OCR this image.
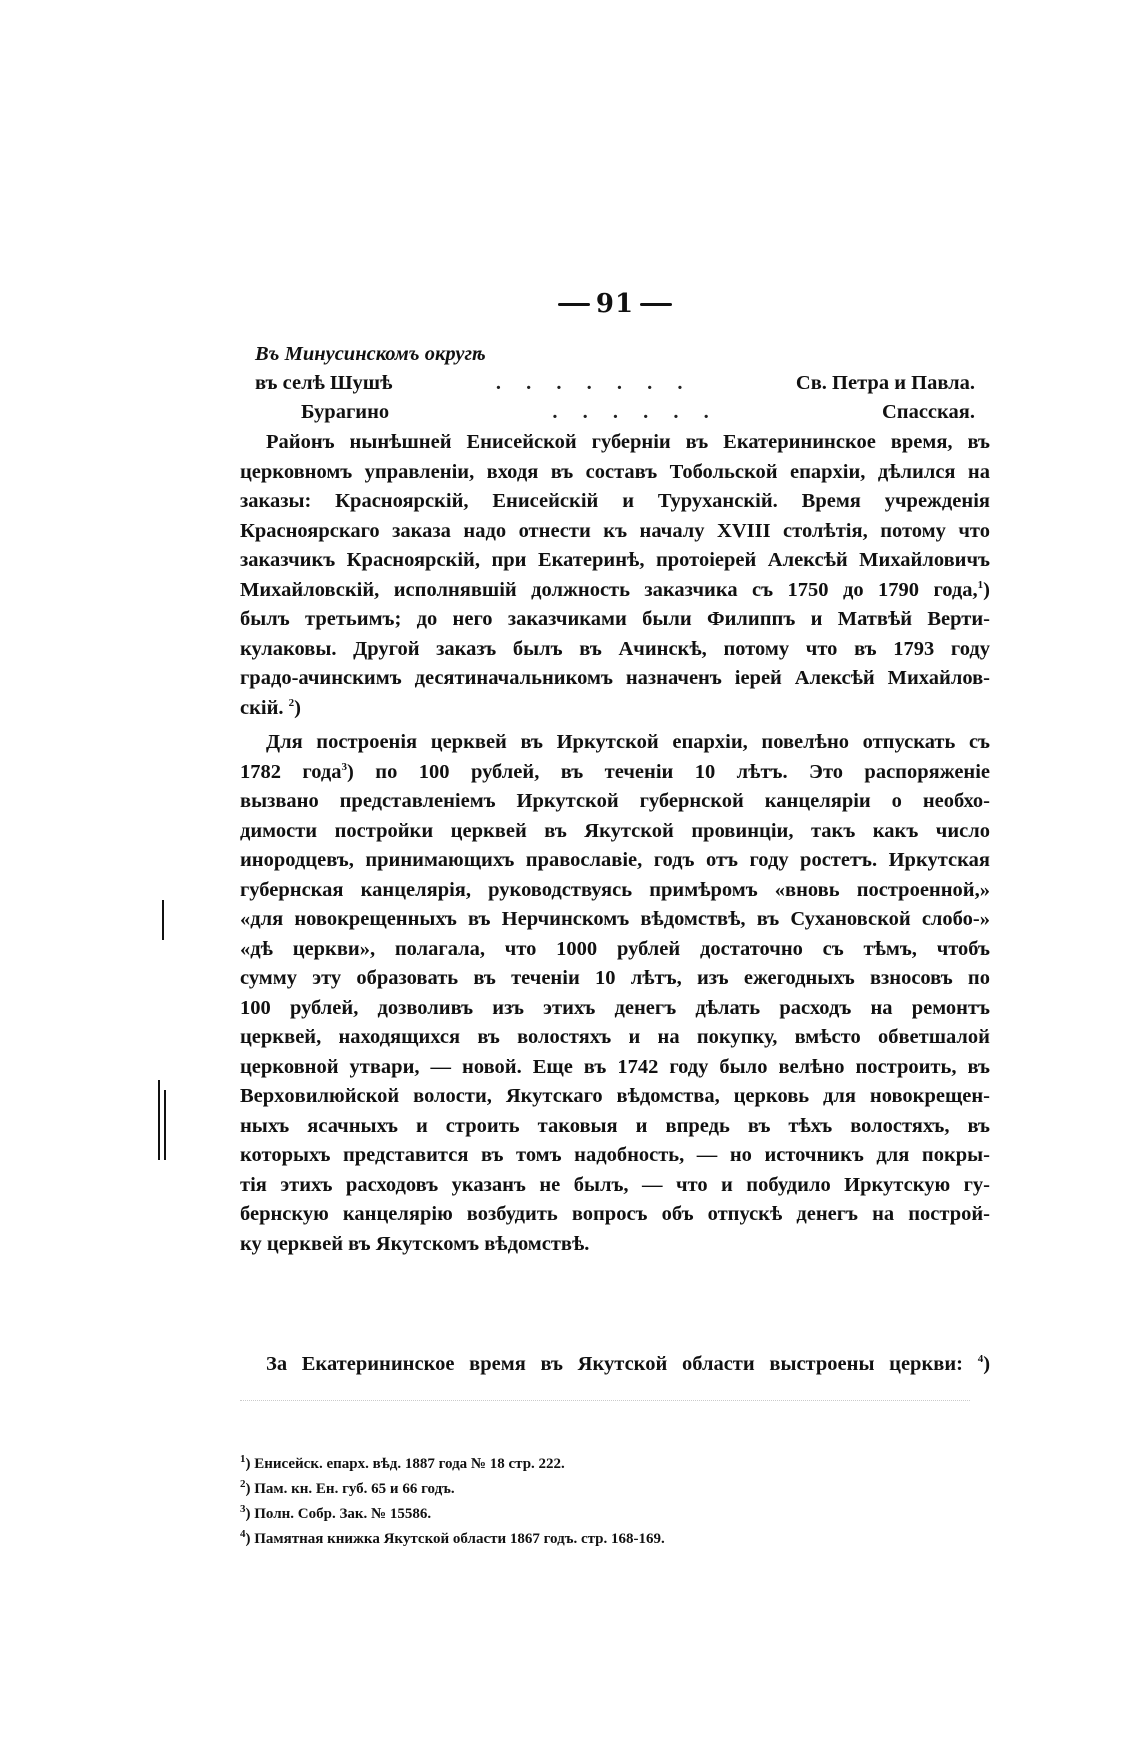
91
Въ Минусинскомъ округѣ
въ селѣ Шушѣ	. . . . . . .	Св. Петра и Павла.
Бурагино	. . . . . .	Спасская.
Районъ нынѣшней Енисейской губерніи въ Екатерининское время, въ
церковномъ управленіи, входя въ составъ Тобольской епархіи, дѣлился на
заказы: Красноярскій, Енисейскій и Туруханскій. Время учрежденія
Красноярскаго заказа надо отнести къ началу XVIII столѣтія, потому что
заказчикъ Красноярскій, при Екатеринѣ, протоіерей Алексѣй Михайловичъ
Михайловскій, исполнявшій должность заказчика съ 1750 до 1790 года,$^1$)
былъ третьимъ; до него заказчиками были Филиппъ и Матвѣй Верти-
кулаковы. Другой заказъ былъ въ Ачинскѣ, потому что въ 1793 году
градо-ачинскимъ десятиначальникомъ назначенъ іерей Алексѣй Михайлов-
скій. $^2$)
Для построенія церквей въ Иркутской епархіи, повелѣно отпускать съ
1782 года$^3$) по 100 рублей, въ теченіи 10 лѣтъ. Это распоряженіе
вызвано представленіемъ Иркутской губернской канцеляріи о необхо-
димости постройки церквей въ Якутской провинціи, такъ какъ число
инородцевъ, принимающихъ православіе, годъ отъ году ростетъ. Иркутская
губернская канцелярія, руководствуясь примѣромъ «вновь построенной,»
«для новокрещенныхъ въ Нерчинскомъ вѣдомствѣ, въ Сухановской слобо-»
«дѣ церкви», полагала, что 1000 рублей достаточно съ тѣмъ, чтобъ
сумму эту образовать въ теченіи 10 лѣтъ, изъ ежегодныхъ взносовъ по
100 рублей, дозволивъ изъ этихъ денегъ дѣлать расходъ на ремонтъ
церквей, находящихся въ волостяхъ и на покупку, вмѣсто обветшалой
церковной утвари, — новой. Еще въ 1742 году было велѣно построить, въ
Верхoвилюйской волости, Якутскаго вѣдомства, церковь для новокрещен-
ныхъ ясачныхъ и строить таковыя и впредь въ тѣхъ волостяхъ, въ
которыхъ представится въ томъ надобность, — но источникъ для покры-
тія этихъ расходовъ указанъ не былъ, — что и побудило Иркутскую гу-
бернскую канцелярію возбудить вопросъ объ отпускѣ денегъ на построй-
ку церквей въ Якутскомъ вѣдомствѣ.
За Екатерининское время въ Якутской области выстроены церкви: $^4$)
$^1$) Енисейск. епарх. вѣд. 1887 года № 18 стр. 222.
$^2$) Пам. кн. Ен. губ. 65 и 66 годъ.
$^3$) Полн. Собр. Зак. № 15586.
$^4$) Памятная книжка Якутской области 1867 годъ. стр. 168-169.
